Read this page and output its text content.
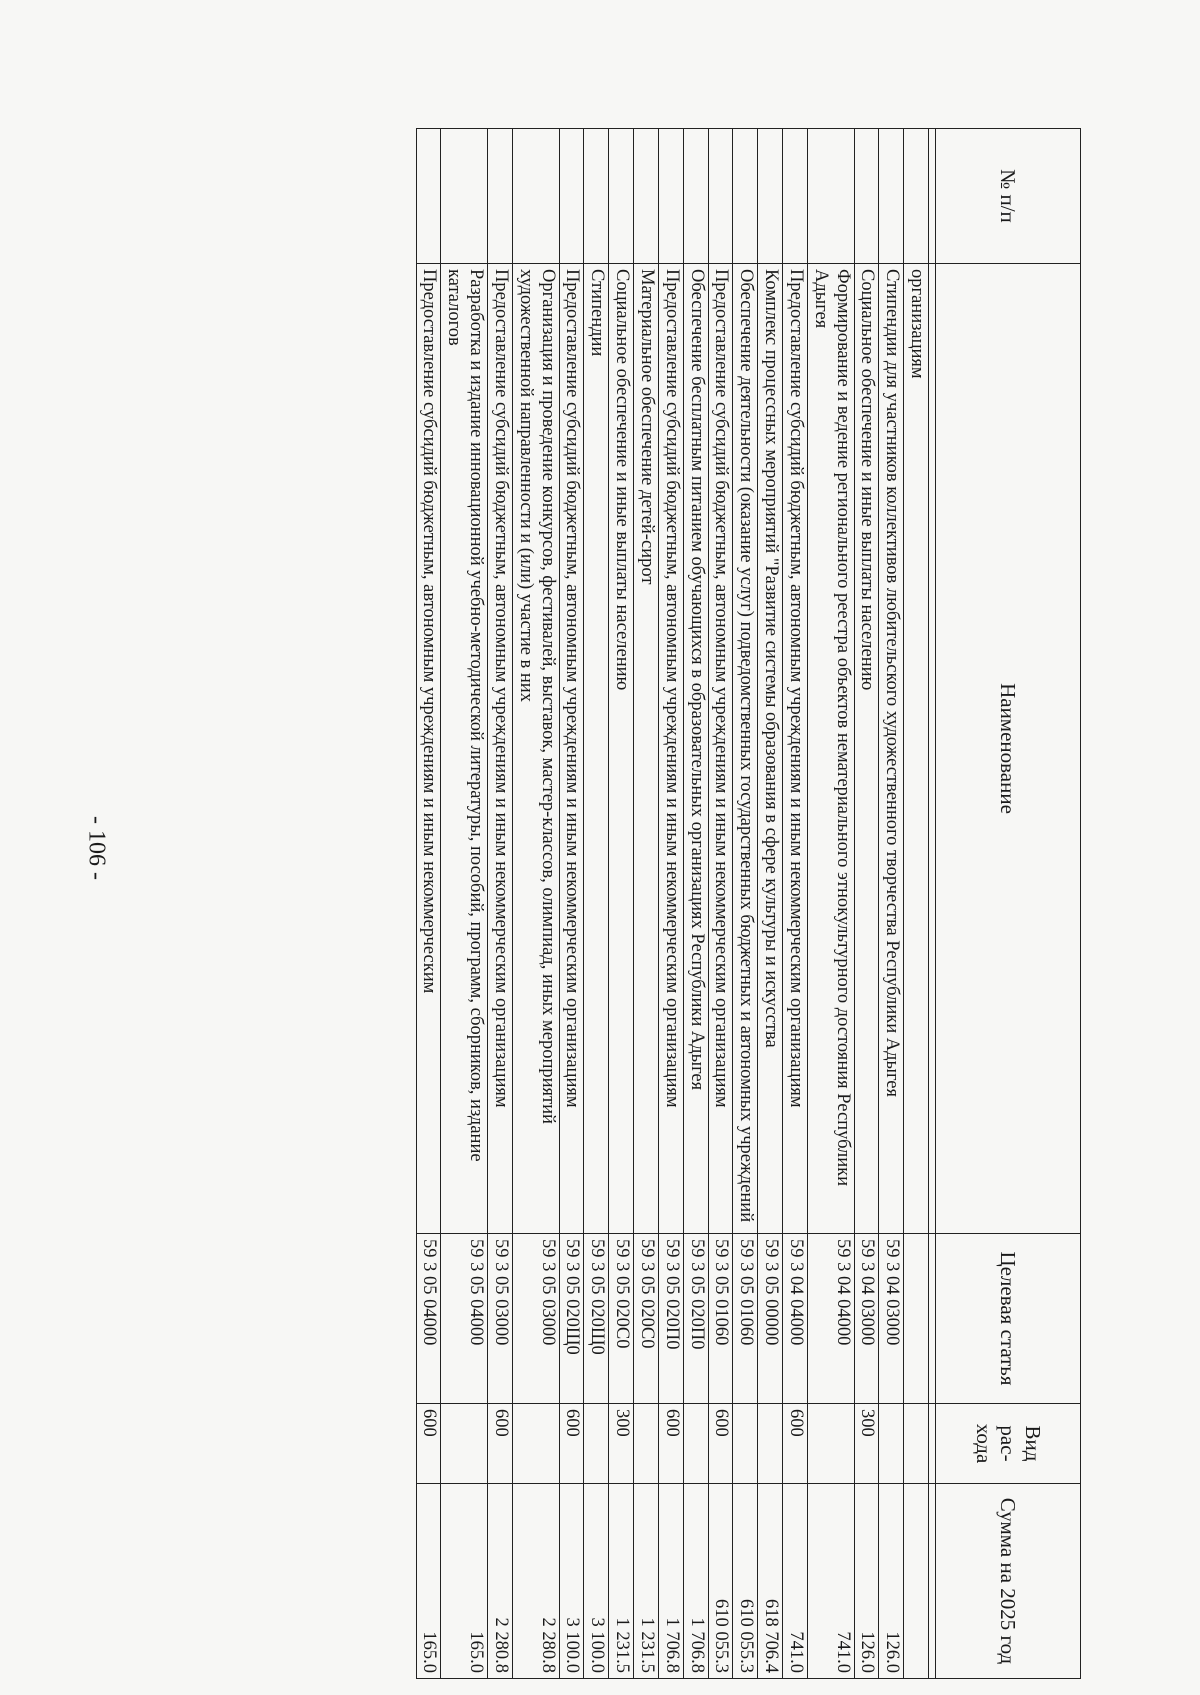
- 106 -
№ п/п	Наименование	Целевая статья	Вид рас- хода	Сумма на 2025 год

	организациям			
	Стипендии для участников коллективов любительского художественного творчества Республики Адыгея	59 3 04 03000		126.0
	Социальное обеспечение и иные выплаты населению	59 3 04 03000	300	126.0
	Формирование и ведение регионального реестра объектов нематериального этнокультурного достояния Республики Адыгея	59 3 04 04000		741.0
	Предоставление субсидий бюджетным, автономным учреждениям и иным некоммерческим организациям	59 3 04 04000	600	741.0
	Комплекс процессных мероприятий "Развитие системы образования в сфере культуры и искусства	59 3 05 00000		618 706.4
	Обеспечение деятельности (оказание услуг) подведомственных государственных бюджетных и автономных учреждений	59 3 05 01060		610 055.3
	Предоставление субсидий бюджетным, автономным учреждениям и иным некоммерческим организациям	59 3 05 01060	600	610 055.3
	Обеспечение бесплатным питанием обучающихся в образовательных организациях Республики Адыгея	59 3 05 020П0		1 706.8
	Предоставление субсидий бюджетным, автономным учреждениям и иным некоммерческим организациям	59 3 05 020П0	600	1 706.8
	Материальное обеспечение детей-сирот	59 3 05 020С0		1 231.5
	Социальное обеспечение и иные выплаты населению	59 3 05 020С0	300	1 231.5
	Стипендии	59 3 05 020Щ0		3 100.0
	Предоставление субсидий бюджетным, автономным учреждениям и иным некоммерческим организациям	59 3 05 020Щ0	600	3 100.0
	Организация и проведение конкурсов, фестивалей, выставок, мастер-классов, олимпиад, иных мероприятий художественной направленности и (или) участие в них	59 3 05 03000		2 280.8
	Предоставление субсидий бюджетным, автономным учреждениям и иным некоммерческим организациям	59 3 05 03000	600	2 280.8
	Разработка и издание инновационной учебно-методической литературы, пособий, программ, сборников, издание каталогов	59 3 05 04000		165.0
	Предоставление субсидий бюджетным, автономным учреждениям и иным некоммерческим	59 3 05 04000	600	165.0
